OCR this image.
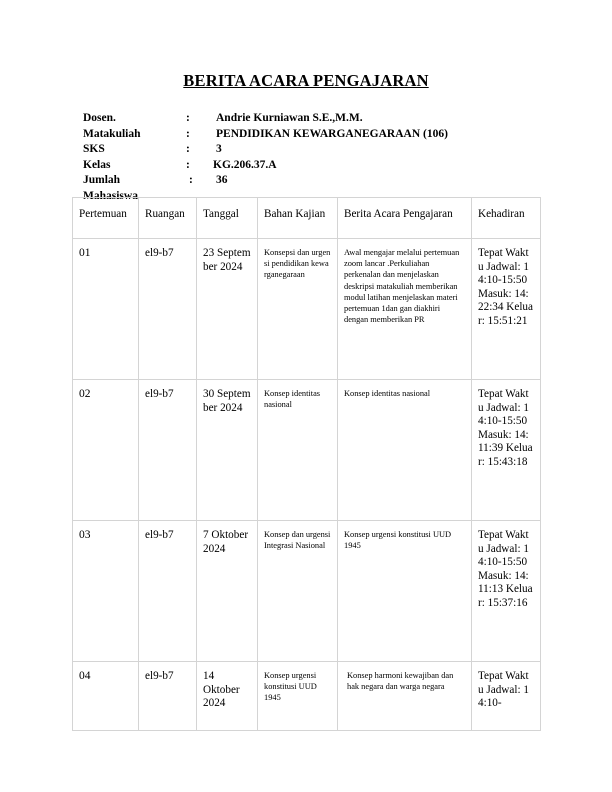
BERITA ACARA PENGAJARAN
Dosen.	: Andrie Kurniawan S.E.,M.M.
Matakuliah	: PENDIDIKAN KEWARGANEGARAAN (106)
SKS	: 3
Kelas	: KG.206.37.A
Jumlah Mahasiswa
: 36
Pertemuan	Ruangan	Tanggal	Bahan Kajian	Berita Acara Pengajaran	Kehadiran
01	el9-b7	23 September 2024	Konsepsi dan urgensi pendidikan kewarganegaraan	Awal mengajar melalui pertemuan zoom lancar .Perkuliahan perkenalan dan menjelaskan deskripsi matakuliah memberikan modul latihan menjelaskan materi pertemuan 1dan gan diakhiri dengan memberikan PR	Tepat Waktu Jadwal: 14:10-15:50 Masuk: 14:22:34 Keluar: 15:51:21
02	el9-b7	30 September 2024	Konsep identitas nasional	Konsep identitas nasional	Tepat Waktu Jadwal: 14:10-15:50 Masuk: 14:11:39 Keluar: 15:43:18
03	el9-b7	7 Oktober 2024	Konsep dan urgensi Integrasi Nasional	Konsep urgensi konstitusi UUD 1945	Tepat Waktu Jadwal: 14:10-15:50 Masuk: 14:11:13 Keluar: 15:37:16
04	el9-b7	14 Oktober 2024	Konsep urgensi konstitusi UUD 1945	Konsep harmoni kewajiban dan hak negara dan warga negara	Tepat Waktu Jadwal: 14:10-
